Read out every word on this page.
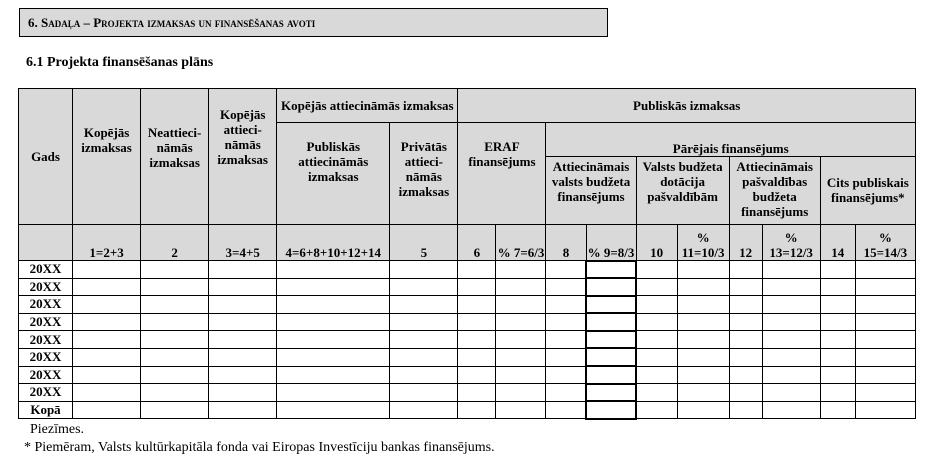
6. Sadaļa – Projekta izmaksas un finansēšanas avoti
6.1 Projekta finansēšanas plāns
Gads	Kopējās izmaksas	Neattieci-nāmās izmaksas	Kopējās attieci-nāmās izmaksas	Kopējās attiecināmās izmaksas		Publiskās izmaksas									
				Publiskās attiecināmās izmaksas	Privātās attieci-nāmās izmaksas	ERAF finansējums		Pārējais finansējums							
								Attiecināmais valsts budžeta finansējums		Valsts budžeta dotācija pašvaldībām		Attiecināmais pašvaldības budžeta finansējums		Cits publiskais finansējums*	

	1=2+3	2	3=4+5	4=6+8+10+12+14	5	6	% 7=6/3	8	% 9=8/3	10	% 11=10/3	12	% 13=12/3	14	% 15=14/3
20XX															
20XX															
20XX															
20XX															
20XX															
20XX															
20XX															
20XX															
Kopā															
Piezīmes.
* Piemēram, Valsts kultūrkapitāla fonda vai Eiropas Investīciju bankas finansējums.
